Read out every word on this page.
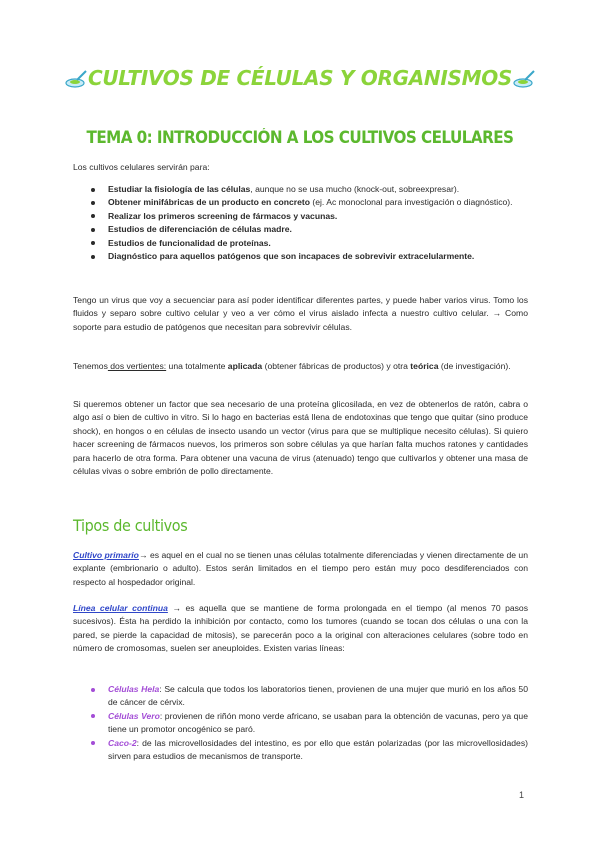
CULTIVOS DE CÉLULAS Y ORGANISMOS
TEMA 0: INTRODUCCIÓN A LOS CULTIVOS CELULARES

Los cultivos celulares servirán para:

Estudiar la fisiología de las células, aunque no se usa mucho (knock-out, sobreexpresar).
Obtener minifábricas de un producto en concreto (ej. Ac monoclonal para investigación o diagnóstico).
Realizar los primeros screening de fármacos y vacunas.
Estudios de diferenciación de células madre.
Estudios de funcionalidad de proteínas.
Diagnóstico para aquellos patógenos que son incapaces de sobrevivir extracelularmente.

Tengo un virus que voy a secuenciar para así poder identificar diferentes partes, y puede haber varios virus. Tomo los fluidos y separo sobre cultivo celular y veo a ver cómo el virus aislado infecta a nuestro cultivo celular. → Como soporte para estudio de patógenos que necesitan para sobrevivir células.

Tenemos dos vertientes: una totalmente aplicada (obtener fábricas de productos) y otra teórica (de investigación).

Si queremos obtener un factor que sea necesario de una proteína glicosilada, en vez de obtenerlos de ratón, cabra o algo así o bien de cultivo in vitro. Si lo hago en bacterias está llena de endotoxinas que tengo que quitar (sino produce shock), en hongos o en células de insecto usando un vector (virus para que se multiplique necesito células). Si quiero hacer screening de fármacos nuevos, los primeros son sobre células ya que harían falta muchos ratones y cantidades para hacerlo de otra forma. Para obtener una vacuna de virus (atenuado) tengo que cultivarlos y obtener una masa de células vivas o sobre embrión de pollo directamente.

Tipos de cultivos

Cultivo primario→ es aquel en el cual no se tienen unas células totalmente diferenciadas y vienen directamente de un explante (embrionario o adulto). Estos serán limitados en el tiempo pero están muy poco desdiferenciados con respecto al hospedador original.

Línea celular continua → es aquella que se mantiene de forma prolongada en el tiempo (al menos 70 pasos sucesivos). Ésta ha perdido la inhibición por contacto, como los tumores (cuando se tocan dos células o una con la pared, se pierde la capacidad de mitosis), se parecerán poco a la original con alteraciones celulares (sobre todo en número de cromosomas, suelen ser aneuploides. Existen varias líneas:

Células Hela: Se calcula que todos los laboratorios tienen, provienen de una mujer que murió en los años 50 de cáncer de cérvix.
Células Vero: provienen de riñón mono verde africano, se usaban para la obtención de vacunas, pero ya que tiene un promotor oncogénico se paró.
Caco-2: de las microvellosidades del intestino, es por ello que están polarizadas (por las microvellosidades) sirven para estudios de mecanismos de transporte.
1
